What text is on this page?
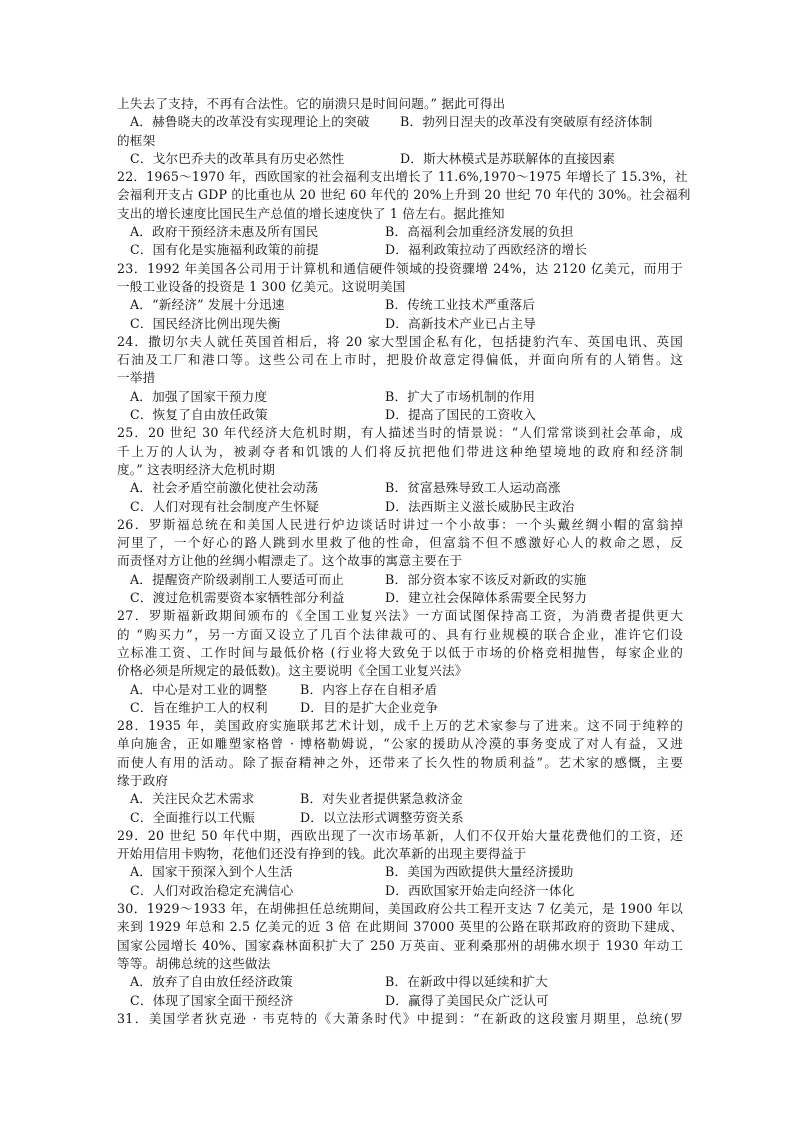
上失去了支持，不再有合法性。它的崩溃只是时间问题。” 据此可得出
A．赫鲁晓夫的改革没有实现理论上的突破 B．勃列日涅夫的改革没有突破原有经济体制
的框架
C．戈尔巴乔夫的改革具有历史必然性	D．斯大林模式是苏联解体的直接因素
22．1965～1970 年，西欧国家的社会福利支出增长了 11.6%,1970～1975 年增长了 15.3%，社
会福利开支占 GDP 的比重也从 20 世纪 60 年代的 20%上升到 20 世纪 70 年代的 30%。社会福利
支出的增长速度比国民生产总值的增长速度快了 1 倍左右。据此推知
A．政府干预经济未惠及所有国民	B．高福利会加重经济发展的负担
C．国有化是实施福利政策的前提	D．福利政策拉动了西欧经济的增长
23．1992 年美国各公司用于计算机和通信硬件领域的投资骤增 24%，达 2120 亿美元，而用于
一般工业设备的投资是 1 300 亿美元。这说明美国
A．“新经济” 发展十分迅速	B．传统工业技术严重落后
C．国民经济比例出现失衡	D．高新技术产业已占主导
24．撒切尔夫人就任英国首相后，将 20 家大型国企私有化，包括捷豹汽车、英国电讯、英国
石油及工厂和港口等。这些公司在上市时，把股价故意定得偏低，并面向所有的人销售。这
一举措
A．加强了国家干预力度	B．扩大了市场机制的作用
C．恢复了自由放任政策	D．提高了国民的工资收入
25．20 世纪 30 年代经济大危机时期，有人描述当时的情景说：“人们常常谈到社会革命，成
千上万的人认为，被剥夺者和饥饿的人们将反抗把他们带进这种绝望境地的政府和经济制
度。” 这表明经济大危机时期
A．社会矛盾空前激化使社会动荡	B．贫富悬殊导致工人运动高涨
C．人们对现有社会制度产生怀疑	D．法西斯主义滋长威胁民主政治
26．罗斯福总统在和美国人民进行炉边谈话时讲过一个小故事：一个头戴丝绸小帽的富翁掉
河里了，一个好心的路人跳到水里救了他的性命，但富翁不但不感激好心人的救命之恩，反
而责怪对方让他的丝绸小帽漂走了。这个故事的寓意主要在于
A．提醒资产阶级剥削工人要适可而止	B．部分资本家不该反对新政的实施
C．渡过危机需要资本家牺牲部分利益	D．建立社会保障体系需要全民努力
27．罗斯福新政期间颁布的《全国工业复兴法》一方面试图保持高工资，为消费者提供更大
的 “购买力”，另一方面又设立了几百个法律裁可的、具有行业规模的联合企业，准许它们设
立标准工资、工作时间与最低价格 (行业将大致免于以低于市场的价格竞相抛售，每家企业的
价格必须是所规定的最低数)。这主要说明《全国工业复兴法》
A．中心是对工业的调整	B．内容上存在自相矛盾
C．旨在维护工人的权利	D．目的是扩大企业竞争
28．1935 年，美国政府实施联邦艺术计划，成千上万的艺术家参与了进来。这不同于纯粹的
单向施舍，正如雕塑家格曾 · 博格勒姆说，“公家的援助从冷漠的事务变成了对人有益，又进
而使人有用的活动。除了振奋精神之外，还带来了长久性的物质利益”。艺术家的感慨，主要
缘于政府
A．关注民众艺术需求	B．对失业者提供紧急救济金
C．全面推行以工代赈	D．以立法形式调整劳资关系
29．20 世纪 50 年代中期，西欧出现了一次市场革新，人们不仅开始大量花费他们的工资，还
开始用信用卡购物，花他们还没有挣到的钱。此次革新的出现主要得益于
A．国家干预深入到个人生活	B．美国为西欧提供大量经济援助
C．人们对政治稳定充满信心	D．西欧国家开始走向经济一体化
30．1929～1933 年，在胡佛担任总统期间，美国政府公共工程开支达 7 亿美元，是 1900 年以
来到 1929 年总和 2.5 亿美元的近 3 倍 在此期间 37000 英里的公路在联邦政府的资助下建成、
国家公园增长 40%、国家森林面积扩大了 250 万英亩、亚利桑那州的胡佛水坝于 1930 年动工
等等。胡佛总统的这些做法
A．放弃了自由放任经济政策	B．在新政中得以延续和扩大
C．体现了国家全面干预经济	D．赢得了美国民众广泛认可
31．美国学者狄克逊 · 韦克特的《大萧条时代》中提到：“在新政的这段蜜月期里，总统(罗
